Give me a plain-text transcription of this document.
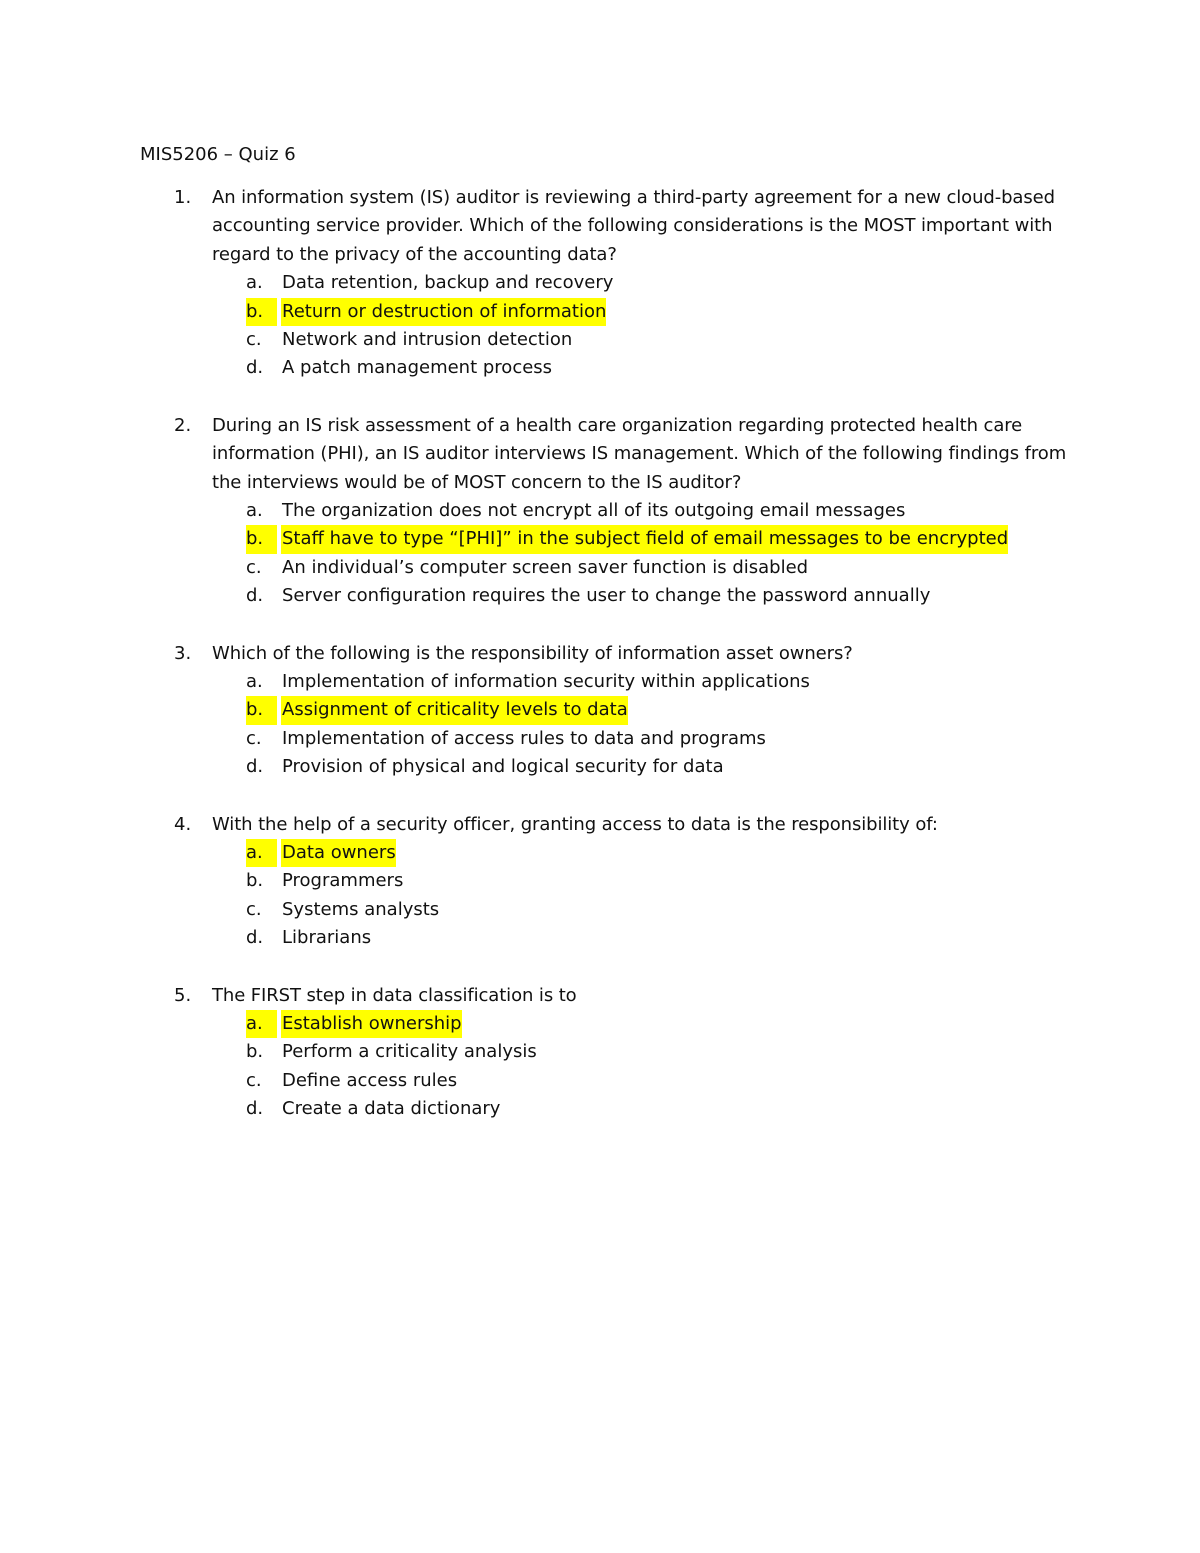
MIS5206 – Quiz 6
1. An information system (IS) auditor is reviewing a third-party agreement for a new cloud-based accounting service provider. Which of the following considerations is the MOST important with regard to the privacy of the accounting data?
a. Data retention, backup and recovery
b.	Return or destruction of information
c. Network and intrusion detection
d. A patch management process
2. During an IS risk assessment of a health care organization regarding protected health care information (PHI), an IS auditor interviews IS management. Which of the following findings from the interviews would be of MOST concern to the IS auditor?
a. The organization does not encrypt all of its outgoing email messages
b.	Staff have to type “[PHI]” in the subject field of email messages to be encrypted
c. An individual’s computer screen saver function is disabled
d. Server configuration requires the user to change the password annually
3. Which of the following is the responsibility of information asset owners?
a. Implementation of information security within applications
b.	Assignment of criticality levels to data
c. Implementation of access rules to data and programs
d. Provision of physical and logical security for data
4. With the help of a security officer, granting access to data is the responsibility of:
a.	Data owners
b. Programmers
c. Systems analysts
d. Librarians
5. The FIRST step in data classification is to
a.	Establish ownership
b. Perform a criticality analysis
c. Define access rules
d. Create a data dictionary
